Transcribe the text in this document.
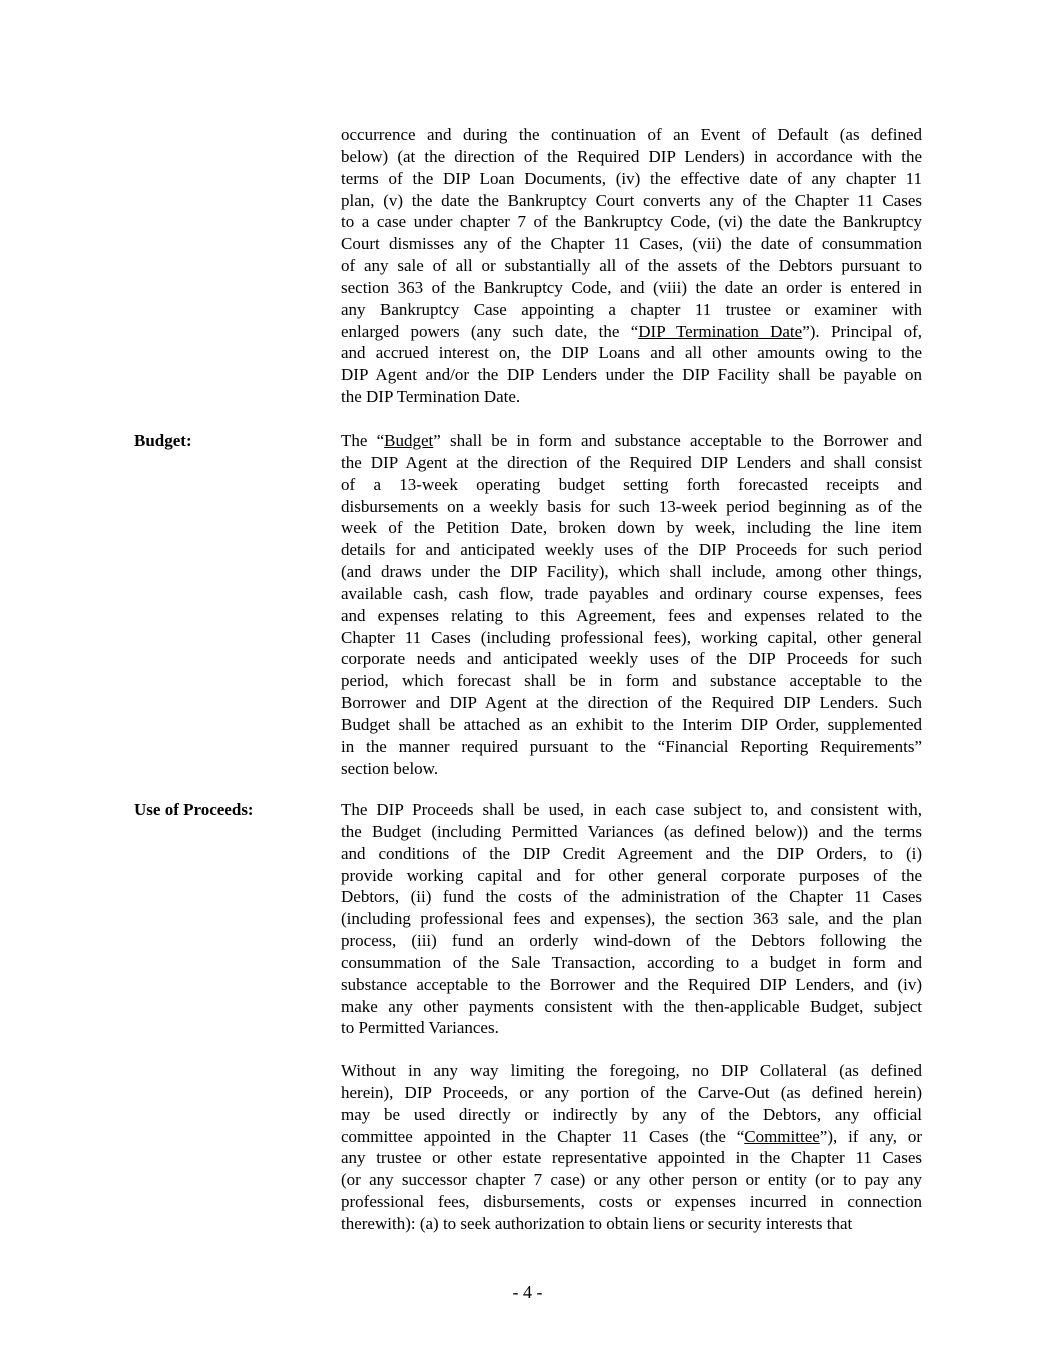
occurrence and during the continuation of an Event of Default (as defined
below) (at the direction of the Required DIP Lenders) in accordance with the
terms of the DIP Loan Documents, (iv) the effective date of any chapter 11
plan, (v) the date the Bankruptcy Court converts any of the Chapter 11 Cases
to a case under chapter 7 of the Bankruptcy Code, (vi) the date the Bankruptcy
Court dismisses any of the Chapter 11 Cases, (vii) the date of consummation
of any sale of all or substantially all of the assets of the Debtors pursuant to
section 363 of the Bankruptcy Code, and (viii) the date an order is entered in
any Bankruptcy Case appointing a chapter 11 trustee or examiner with
enlarged powers (any such date, the “DIP Termination Date”). Principal of,
and accrued interest on, the DIP Loans and all other amounts owing to the
DIP Agent and/or the DIP Lenders under the DIP Facility shall be payable on
the DIP Termination Date.
Budget:	The “Budget” shall be in form and substance acceptable to the Borrower and
the DIP Agent at the direction of the Required DIP Lenders and shall consist
of a 13-week operating budget setting forth forecasted receipts and
disbursements on a weekly basis for such 13-week period beginning as of the
week of the Petition Date, broken down by week, including the line item
details for and anticipated weekly uses of the DIP Proceeds for such period
(and draws under the DIP Facility), which shall include, among other things,
available cash, cash flow, trade payables and ordinary course expenses, fees
and expenses relating to this Agreement, fees and expenses related to the
Chapter 11 Cases (including professional fees), working capital, other general
corporate needs and anticipated weekly uses of the DIP Proceeds for such
period, which forecast shall be in form and substance acceptable to the
Borrower and DIP Agent at the direction of the Required DIP Lenders. Such
Budget shall be attached as an exhibit to the Interim DIP Order, supplemented
in the manner required pursuant to the “Financial Reporting Requirements”
section below.
Use of Proceeds:	The DIP Proceeds shall be used, in each case subject to, and consistent with,
the Budget (including Permitted Variances (as defined below)) and the terms
and conditions of the DIP Credit Agreement and the DIP Orders, to (i)
provide working capital and for other general corporate purposes of the
Debtors, (ii) fund the costs of the administration of the Chapter 11 Cases
(including professional fees and expenses), the section 363 sale, and the plan
process, (iii) fund an orderly wind-down of the Debtors following the
consummation of the Sale Transaction, according to a budget in form and
substance acceptable to the Borrower and the Required DIP Lenders, and (iv)
make any other payments consistent with the then-applicable Budget, subject
to Permitted Variances.
Without in any way limiting the foregoing, no DIP Collateral (as defined
herein), DIP Proceeds, or any portion of the Carve-Out (as defined herein)
may be used directly or indirectly by any of the Debtors, any official
committee appointed in the Chapter 11 Cases (the “Committee”), if any, or
any trustee or other estate representative appointed in the Chapter 11 Cases
(or any successor chapter 7 case) or any other person or entity (or to pay any
professional fees, disbursements, costs or expenses incurred in connection
therewith): (a) to seek authorization to obtain liens or security interests that
- 4 -
